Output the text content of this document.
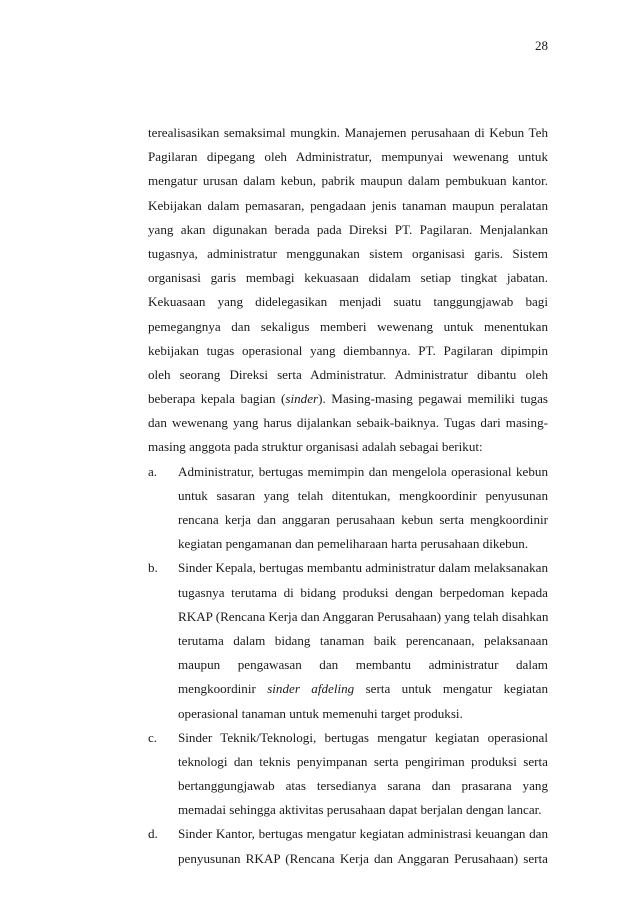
28
terealisasikan semaksimal mungkin. Manajemen perusahaan di Kebun Teh
Pagilaran dipegang oleh Administratur, mempunyai wewenang untuk
mengatur urusan dalam kebun, pabrik maupun dalam pembukuan kantor.
Kebijakan dalam pemasaran, pengadaan jenis tanaman maupun peralatan
yang akan digunakan berada pada Direksi PT. Pagilaran. Menjalankan
tugasnya, administratur menggunakan sistem organisasi garis. Sistem
organisasi garis membagi kekuasaan didalam setiap tingkat jabatan.
Kekuasaan yang didelegasikan menjadi suatu tanggungjawab bagi
pemegangnya dan sekaligus memberi wewenang untuk menentukan
kebijakan tugas operasional yang diembannya. PT. Pagilaran dipimpin
oleh seorang Direksi serta Administratur. Administratur dibantu oleh
beberapa kepala bagian (sinder). Masing-masing pegawai memiliki tugas
dan wewenang yang harus dijalankan sebaik-baiknya. Tugas dari masing-
masing anggota pada struktur organisasi adalah sebagai berikut:
a.	Administratur, bertugas memimpin dan mengelola operasional kebun
untuk sasaran yang telah ditentukan, mengkoordinir penyusunan
rencana kerja dan anggaran perusahaan kebun serta mengkoordinir
kegiatan pengamanan dan pemeliharaan harta perusahaan dikebun.
b.	Sinder Kepala, bertugas membantu administratur dalam melaksanakan
tugasnya terutama di bidang produksi dengan berpedoman kepada
RKAP (Rencana Kerja dan Anggaran Perusahaan) yang telah disahkan
terutama dalam bidang tanaman baik perencanaan, pelaksanaan
maupun pengawasan dan membantu administratur dalam
mengkoordinir sinder afdeling serta untuk mengatur kegiatan
operasional tanaman untuk memenuhi target produksi.
c.	Sinder Teknik/Teknologi, bertugas mengatur kegiatan operasional
teknologi dan teknis penyimpanan serta pengiriman produksi serta
bertanggungjawab atas tersedianya sarana dan prasarana yang
memadai sehingga aktivitas perusahaan dapat berjalan dengan lancar.
d.	Sinder Kantor, bertugas mengatur kegiatan administrasi keuangan dan
penyusunan RKAP (Rencana Kerja dan Anggaran Perusahaan) serta
